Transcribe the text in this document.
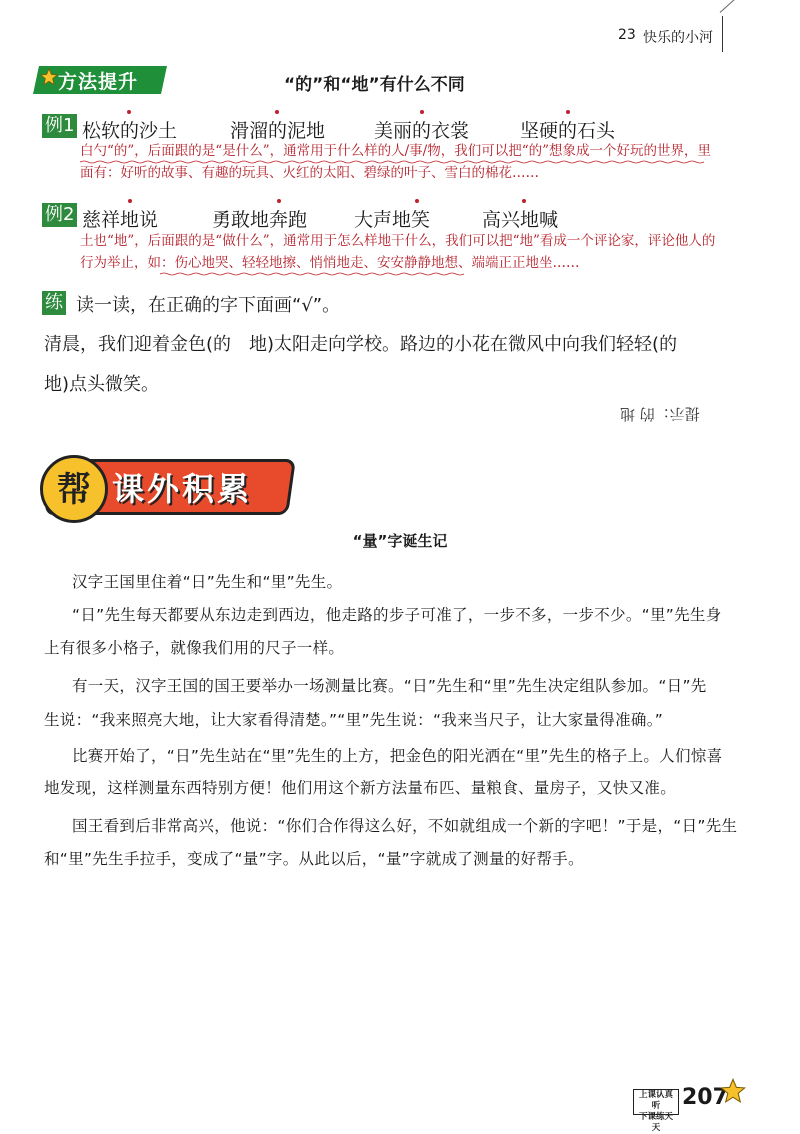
23 快乐的小河
方法提升	“的”和“地”有什么不同
例1 松软的沙土	滑溜的泥地	美丽的衣裳	坚硬的石头
白勺“的”，后面跟的是“是什么”，通常用于什么样的人/事/物，我们可以把“的”想象成一个好玩的世界，里
面有：好听的故事、有趣的玩具、火红的太阳、碧绿的叶子、雪白的棉花……
例2 慈祥地说	勇敢地奔跑 大声地笑	高兴地喊
土也“地”，后面跟的是“做什么”，通常用于怎么样地干什么，我们可以把“地”看成一个评论家，评论他人的
行为举止，如：伤心地哭、轻轻地擦、悄悄地走、安安静静地想、端端正正地坐……
练 读一读，在正确的字下面画“√”。
清晨，我们迎着金色(的　地)太阳走向学校。路边的小花在微风中向我们轻轻(的
地)点头微笑。
提示：的 地
帮 课外积累
“量”字诞生记
汉字王国里住着“日”先生和“里”先生。
“日”先生每天都要从东边走到西边，他走路的步子可准了，一步不多，一步不少。“里”先生身
上有很多小格子，就像我们用的尺子一样。
有一天，汉字王国的国王要举办一场测量比赛。“日”先生和“里”先生决定组队参加。“日”先
生说：“我来照亮大地，让大家看得清楚。”“里”先生说：“我来当尺子，让大家量得准确。”
比赛开始了，“日”先生站在“里”先生的上方，把金色的阳光洒在“里”先生的格子上。人们惊喜
地发现，这样测量东西特别方便！他们用这个新方法量布匹、量粮食、量房子，又快又准。
国王看到后非常高兴，他说：“你们合作得这么好，不如就组成一个新的字吧！”于是，“日”先生
和“里”先生手拉手，变成了“量”字。从此以后，“量”字就成了测量的好帮手。
上课认真听
下课练天天
207
